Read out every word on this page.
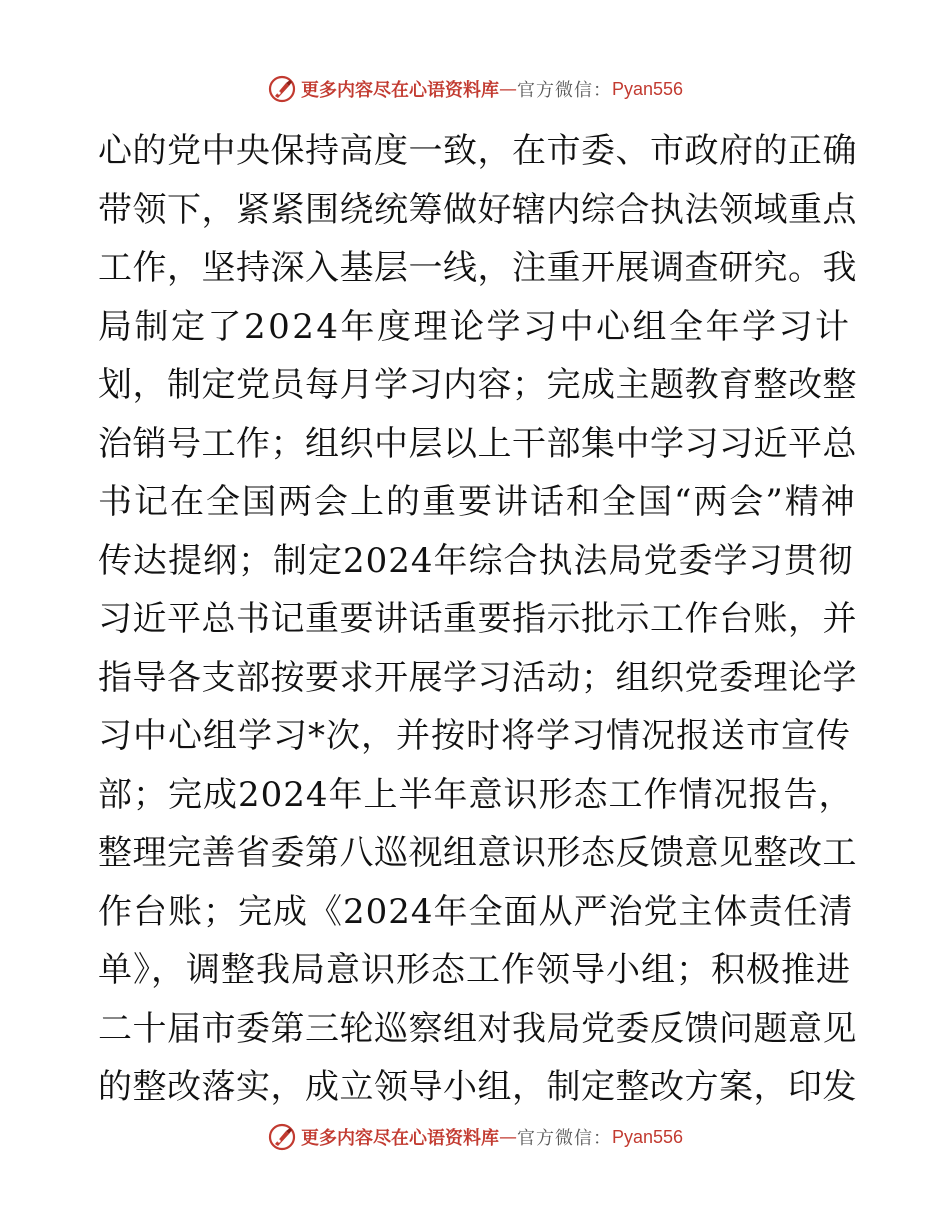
更多内容尽在心语资料库 — 官方微信： Pyan556
心的党中央保持高度一致，在市委、市政府的正确
带领下，紧紧围绕统筹做好辖内综合执法领域重点
工作，坚持深入基层一线，注重开展调查研究。我
局制定了2024年度理论学习中心组全年学习计
划，制定党员每月学习内容；完成主题教育整改整
治销号工作；组织中层以上干部集中学习习近平总
书记在全国两会上的重要讲话和全国“两会”精神
传达提纲；制定2024年综合执法局党委学习贯彻
习近平总书记重要讲话重要指示批示工作台账，并
指导各支部按要求开展学习活动；组织党委理论学
习中心组学习*次，并按时将学习情况报送市宣传
部；完成2024年上半年意识形态工作情况报告，
整理完善省委第八巡视组意识形态反馈意见整改工
作台账；完成《2024年全面从严治党主体责任清
单》，调整我局意识形态工作领导小组；积极推进
二十届市委第三轮巡察组对我局党委反馈问题意见
的整改落实，成立领导小组，制定整改方案，印发
更多内容尽在心语资料库 — 官方微信： Pyan556
